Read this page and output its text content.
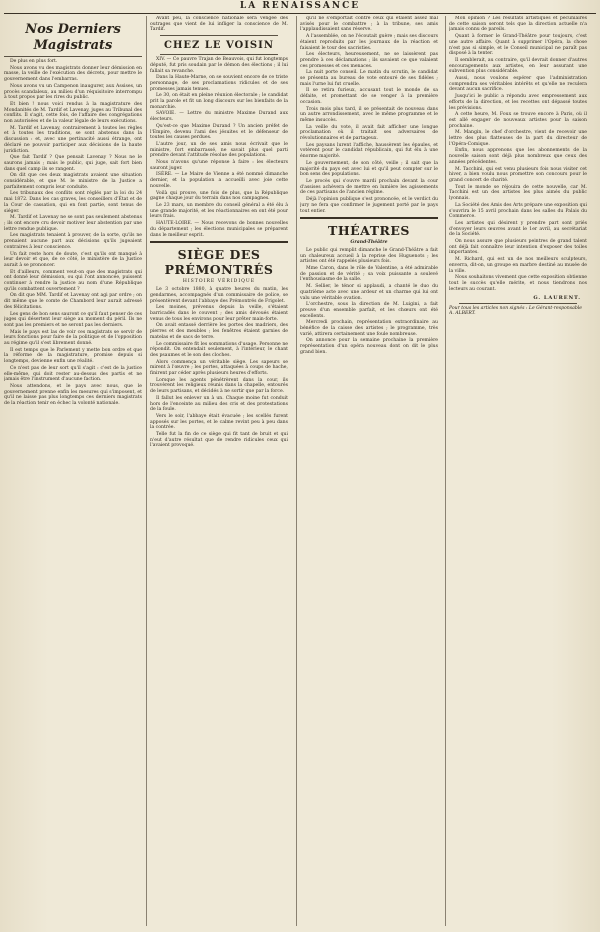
LA RENAISSANCE
Nos Derniers Magistrats

De plus en plus fort.

Nous avons vu des magistrats donner leur démission en masse, la veille de l'exécution des décrets, pour mettre le gouvernement dans l'embarras.

Nous avons vu un Campenon inaugurer, aux Assises, un procès scandaleux, au milieu d'un réquisitoire interrompu à tout propos par les rires du public.

Et bien ! nous voici rendus à la magistrature des Mondanités de M. Tardif et Lavenay, juges au Tribunal des conflits. Il s'agit, cette fois, de l'affaire des congrégations non autorisées et de la valeur légale de leurs exécutions.

M. Tardif et Lavenay, contrairement à toutes les règles et à toutes les traditions, se sont abstenus dans la discussion : et, avec une pertinacité aussi étrange, ont déclaré ne pouvoir participer aux décisions de la haute juridiction.

Que fait Tardif ? Que pensait Lavenay ? Nous ne le saurons jamais ; mais le public, qui juge, sait fort bien dans quel camp ils se rangent.

On dit que ces deux magistrats avaient une situation considérable, et que M. le ministre de la Justice a parfaitement compris leur conduite.

Les tribunaux des conflits sont réglés par la loi du 24 mai 1872. Dans les cas graves, les conseillers d'État et de la Cour de cassation, qui en font partie, sont tenus de siéger.

M. Tardif et Lavenay ne se sont pas seulement abstenus ; ils ont encore cru devoir motiver leur abstention par une lettre rendue publique.

Les magistrats tenaient à prouver, de la sorte, qu'ils ne prenaient aucune part aux décisions qu'ils jugeaient contraires à leur conscience.

Un fait reste hors de doute, c'est qu'ils ont manqué à leur devoir et que, de ce côté, le ministère de la Justice aurait à se prononcer.

Et d'ailleurs, comment veut-on que des magistrats qui ont donné leur démission, ou qui l'ont annoncée, puissent continuer à rendre la justice au nom d'une République qu'ils combattent ouvertement ?

On dit que MM. Tardif et Lavenay ont agi par ordre ; on dit même que le comte de Chambord leur aurait adressé des félicitations.

Les gens de bon sens sauront ce qu'il faut penser de ces juges qui désertent leur siège au moment du péril. Ils ne sont pas les premiers et ne seront pas les derniers.

Mais le pays est las de voir ces magistrats se servir de leurs fonctions pour faire de la politique et de l'opposition au régime qu'il s'est librement donné.

Il est temps que le Parlement y mette bon ordre et que la réforme de la magistrature, promise depuis si longtemps, devienne enfin une réalité.

Ce n'est pas de leur sort qu'il s'agit : c'est de la justice elle-même, qui doit rester au-dessus des partis et ne jamais être l'instrument d'aucune faction.

Nous attendons, et le pays avec nous, que le gouvernement prenne enfin les mesures qui s'imposent, et qu'il ne laisse pas plus longtemps ces derniers magistrats de la réaction tenir en échec la volonté nationale.

Avant peu, la conscience nationale sera vengée des outrages que vient de lui infliger la conscience de M. Tardif.

CHEZ LE VOISIN

XIV. — Ce pauvre Trajan de Beauvois, qui fut longtemps député, fut pris soudain par le démon des élections ; il lui fallait sa revanche.

Dans la Haute-Marne, on se souvient encore de ce triste personnage, de ses proclamations ridicules et de ses promesses jamais tenues.

Le 30, on était en pleine réunion électorale ; le candidat prit la parole et fit un long discours sur les bienfaits de la monarchie.

SAVOIE. — Lettre du ministre Maxime Durand aux électeurs.

Qu'est-ce que Maxime Durand ? Un ancien préfet de l'Empire, devenu l'ami des jésuites et le défenseur de toutes les causes perdues.

L'autre jour, un de ses amis nous écrivait que le ministre, fort embarrassé, ne savait plus quel parti prendre devant l'attitude résolue des populations.

Nous n'avons qu'une réponse à faire : les électeurs sauront juger.

ISÈRE. — Le Maire de Vienne a été nommé dimanche dernier, et la population a accueilli avec joie cette nouvelle.

Voilà qui prouve, une fois de plus, que la République gagne chaque jour du terrain dans nos campagnes.

Le 23 mars, un membre du conseil général a été élu à une grande majorité, et les réactionnaires en ont été pour leurs frais.

HAUTE-LOIRE. — Nous recevons de bonnes nouvelles du département ; les élections municipales se préparent dans le meilleur esprit.

SIÈGE DES PRÉMONTRÉS
HISTOIRE VÉRIDIQUE

Le 3 octobre 1880, à quatre heures du matin, les gendarmes, accompagnés d'un commissaire de police, se présentèrent devant l'abbaye des Prémontrés de Frigolet.

Les moines, prévenus depuis la veille, s'étaient barricadés dans le couvent ; des amis dévoués étaient venus de tous les environs pour leur prêter main-forte.

On avait entassé derrière les portes des madriers, des pierres et des meubles ; les fenêtres étaient garnies de matelas et de sacs de terre.

Le commissaire fit les sommations d'usage. Personne ne répondit. On entendait seulement, à l'intérieur, le chant des psaumes et le son des cloches.

Alors commença un véritable siège. Les sapeurs se mirent à l'œuvre ; les portes, attaquées à coups de hache, finirent par céder après plusieurs heures d'efforts.

Lorsque les agents pénétrèrent dans la cour, ils trouvèrent les religieux réunis dans la chapelle, entourés de leurs partisans, et décidés à ne sortir que par la force.

Il fallut les enlever un à un. Chaque moine fut conduit hors de l'enceinte au milieu des cris et des protestations de la foule.

Vers le soir, l'abbaye était évacuée ; les scellés furent apposés sur les portes, et le calme revint peu à peu dans la contrée.

Telle fut la fin de ce siège qui fit tant de bruit et qui n'eut d'autre résultat que de rendre ridicules ceux qui l'avaient provoqué.

qu'il ne s'emportait contre ceux qui étaient assez mal avisés pour le combattre ; à la tribune, ses amis l'applaudissaient sans réserve.

A l'assemblée, on ne l'écoutait guère ; mais ses discours étaient reproduits par les journaux de la réaction et faisaient le tour des sacristies.

Les électeurs, heureusement, ne se laissèrent pas prendre à ces déclamations ; ils savaient ce que valaient ces promesses et ces menaces.

La nuit porte conseil. Le matin du scrutin, le candidat se présenta au bureau de vote entouré de ses fidèles ; mais l'urne lui fut cruelle.

Il se retira furieux, accusant tout le monde de sa défaite, et promettant de se venger à la première occasion.

Trois mois plus tard, il se présentait de nouveau dans un autre arrondissement, avec le même programme et le même insuccès.

La veille du vote, il avait fait afficher une longue proclamation où il traitait ses adversaires de révolutionnaires et de partageux.

Les paysans lurent l'affiche, haussèrent les épaules, et votèrent pour le candidat républicain, qui fut élu à une énorme majorité.

Le gouvernement, de son côté, veille ; il sait que la majorité du pays est avec lui et qu'il peut compter sur le bon sens des populations.

Le procès qui s'ouvre mardi prochain devant la cour d'assises achèvera de mettre en lumière les agissements de ces partisans de l'ancien régime.

Déjà l'opinion publique s'est prononcée, et le verdict du jury ne fera que confirmer le jugement porté par le pays tout entier.

THÉATRES
Grand-Théâtre

Le public qui remplit dimanche le Grand-Théâtre a fait un chaleureux accueil à la reprise des Huguenots ; les artistes ont été rappelés plusieurs fois.

Mme Caron, dans le rôle de Valentine, a été admirable de passion et de vérité ; sa voix puissante a soulevé l'enthousiasme de la salle.

M. Sellier, le ténor si applaudi, a chanté le duo du quatrième acte avec une ardeur et un charme qui lui ont valu une véritable ovation.

L'orchestre, sous la direction de M. Luigini, a fait preuve d'un ensemble parfait, et les chœurs ont été excellents.

Mercredi prochain, représentation extraordinaire au bénéfice de la caisse des artistes ; le programme, très varié, attirera certainement une foule nombreuse.

On annonce pour la semaine prochaine la première représentation d'un opéra nouveau dont on dit le plus grand bien.

Mon opinion ? Les résultats artistiques et pécuniaires de cette saison seront tels que la direction actuelle n'a jamais connu de pareils.

Quant à former le Grand-Théâtre pour toujours, c'est une autre affaire. Quant à supprimer l'Opéra, la chose n'est pas si simple, et le Conseil municipal ne paraît pas disposé à la tenter.

Il semblerait, au contraire, qu'il devrait donner d'autres encouragements aux artistes, en leur assurant une subvention plus considérable.

Aussi, nous voulons espérer que l'administration comprendra ses véritables intérêts et qu'elle ne reculera devant aucun sacrifice.

Jusqu'ici le public a répondu avec empressement aux efforts de la direction, et les recettes ont dépassé toutes les prévisions.

A cette heure, M. Foux se trouve encore à Paris, où il est allé engager de nouveaux artistes pour la saison prochaine.

M. Mangin, le chef d'orchestre, vient de recevoir une lettre des plus flatteuses de la part du directeur de l'Opéra-Comique.

Enfin, nous apprenons que les abonnements de la nouvelle saison sont déjà plus nombreux que ceux des années précédentes.

M. Tacchini, qui est venu plusieurs fois nous visiter cet hiver, a bien voulu nous promettre son concours pour le grand concert de charité.

Tout le monde se réjouira de cette nouvelle, car M. Tacchini est un des artistes les plus aimés du public lyonnais.

La Société des Amis des Arts prépare une exposition qui s'ouvrira le 15 avril prochain dans les salles du Palais du Commerce.

Les artistes qui désirent y prendre part sont priés d'envoyer leurs œuvres avant le 1er avril, au secrétariat de la Société.

On nous assure que plusieurs peintres de grand talent ont déjà fait connaître leur intention d'exposer des toiles importantes.

M. Richard, qui est un de nos meilleurs sculpteurs, enverra, dit-on, un groupe en marbre destiné au musée de la ville.

Nous souhaitons vivement que cette exposition obtienne tout le succès qu'elle mérite, et nous tiendrons nos lecteurs au courant.

G. LAURENT.
Pour tous les articles non signés : Le Gérant-responsable A. ALBERT.
